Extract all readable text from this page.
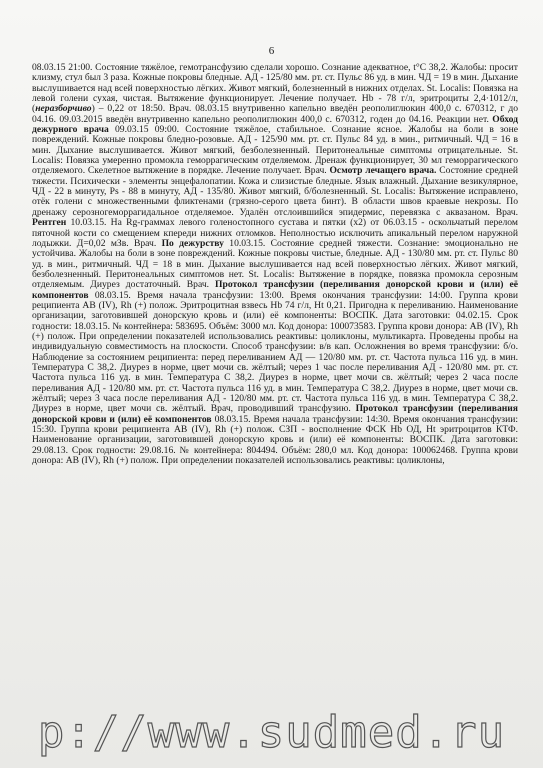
6

08.03.15 21:00. Состояние тяжёлое, гемотрансфузию сделали хорошо. Сознание адекватное, t°C 38,2. Жалобы: просит клизму, стул был 3 раза. Кожные покровы бледные. АД - 125/80 мм. рт. ст. Пульс 86 уд. в мин. ЧД = 19 в мин. Дыхание выслушивается над всей поверхностью лёгких. Живот мягкий, болезненный в нижних отделах. St. Localis: Повязка на левой голени сухая, чистая. Вытяжение функционирует. Лечение получает. Hb - 78 г/л, эритроциты 2,4·1012/л, (неразборчиво) – 0,22 от 18:50. Врач. 08.03.15 внутривенно капельно введён реополиглюкин 400,0 с. 670312, г до 04.16. 09.03.2015 введён внутривенно капельно реополиглюкин 400,0 с. 670312, годен до 04.16. Реакции нет. Обход дежурного врача 09.03.15 09:00. Состояние тяжёлое, стабильное. Сознание ясное. Жалобы на боли в зоне повреждений. Кожные покровы бледно-розовые. АД - 125/90 мм. рт. ст. Пульс 84 уд. в мин., ритмичный. ЧД = 16 в мин. Дыхание выслушивается. Живот мягкий, безболезненный. Перитонеальные симптомы отрицательные. St. Localis: Повязка умеренно промокла геморрагическим отделяемом. Дренаж функционирует, 30 мл геморрагического отделяемого. Скелетное вытяжение в порядке. Лечение получает. Врач. Осмотр лечащего врача. Состояние средней тяжести. Психически - элементы энцефалопатии. Кожа и слизистые бледные. Язык влажный. Дыхание везикулярное, ЧД - 22 в минуту, Ps - 88 в минуту, АД - 135/80. Живот мягкий, б/болезненный. St. Localis: Вытяжение исправлено, отёк голени с множественными фликтенами (грязно-серого цвета бинт). В области швов краевые некрозы. По дренажу серозногеморрагидальное отделяемое. Удалён отслоившийся эпидермис, перевязка с аквазаном. Врач. Рентген 10.03.15. На Rg-граммах левого голеностопного сустава и пятки (х2) от 06.03.15 - оскольчатый перелом пяточной кости со смещением кпереди нижних отломков. Неполностью исключить апикальный перелом наружной лодыжки. Д=0,02 мЗв. Врач. По дежурству 10.03.15. Состояние средней тяжести. Сознание: эмоционально не устойчива. Жалобы на боли в зоне повреждений. Кожные покровы чистые, бледные. АД - 130/80 мм. рт. ст. Пульс 80 уд. в мин., ритмичный. ЧД = 18 в мин. Дыхание выслушивается над всей поверхностью лёгких. Живот мягкий, безболезненный. Перитонеальных симптомов нет. St. Localis: Вытяжение в порядке, повязка промокла серозным отделяемым. Диурез достаточный. Врач. Протокол трансфузии (переливания донорской крови и (или) её компонентов 08.03.15. Время начала трансфузии: 13:00. Время окончания трансфузии: 14:00. Группа крови реципиента АВ (IV), Rh (+) полож. Эритроцитная взвесь Hb 74 г/л, Ht 0,21. Пригодна к переливанию. Наименование организации, заготовившей донорскую кровь и (или) её компоненты: ВОСПК. Дата заготовки: 04.02.15. Срок годности: 18.03.15. № контейнера: 583695. Объём: 3000 мл. Код донора: 100073583. Группа крови донора: АВ (IV), Rh (+) полож. При определении показателей использовались реактивы: цоликлоны, мультикарта. Проведены пробы на индивидуальную совместимость на плоскости. Способ трансфузии: в/в кап. Осложнения во время трансфузии: б/о. Наблюдение за состоянием реципиента: перед переливанием АД — 120/80 мм. рт. ст. Частота пульса 116 уд. в мин. Температура С 38,2. Диурез в норме, цвет мочи св. жёлтый; через 1 час после переливания АД - 120/80 мм. рт. ст. Частота пульса 116 уд. в мин. Температура С 38,2. Диурез в норме, цвет мочи св. жёлтый; через 2 часа после переливания АД - 120/80 мм. рт. ст. Частота пульса 116 уд. в мин. Температура С 38,2. Диурез в норме, цвет мочи св. жёлтый; через 3 часа после переливания АД - 120/80 мм. рт. ст. Частота пульса 116 уд. в мин. Температура С 38,2. Диурез в норме, цвет мочи св. жёлтый. Врач, проводивший трансфузию. Протокол трансфузии (переливания донорской крови и (или) её компонентов 08.03.15. Время начала трансфузии: 14:30. Время окончания трансфузии: 15:30. Группа крови реципиента АВ (IV), Rh (+) полож. СЗП - восполнение ФСК Hb ОД, Ht эритроцитов КТФ. Наименование организации, заготовившей донорскую кровь и (или) её компоненты: ВОСПК. Дата заготовки: 29.08.13. Срок годности: 29.08.16. № контейнера: 804494. Объём: 280,0 мл. Код донора: 100062468. Группа крови донора: АВ (IV), Rh (+) полож. При определении показателей использовались реактивы: цоликлоны,

p://www.sudmed.ru
